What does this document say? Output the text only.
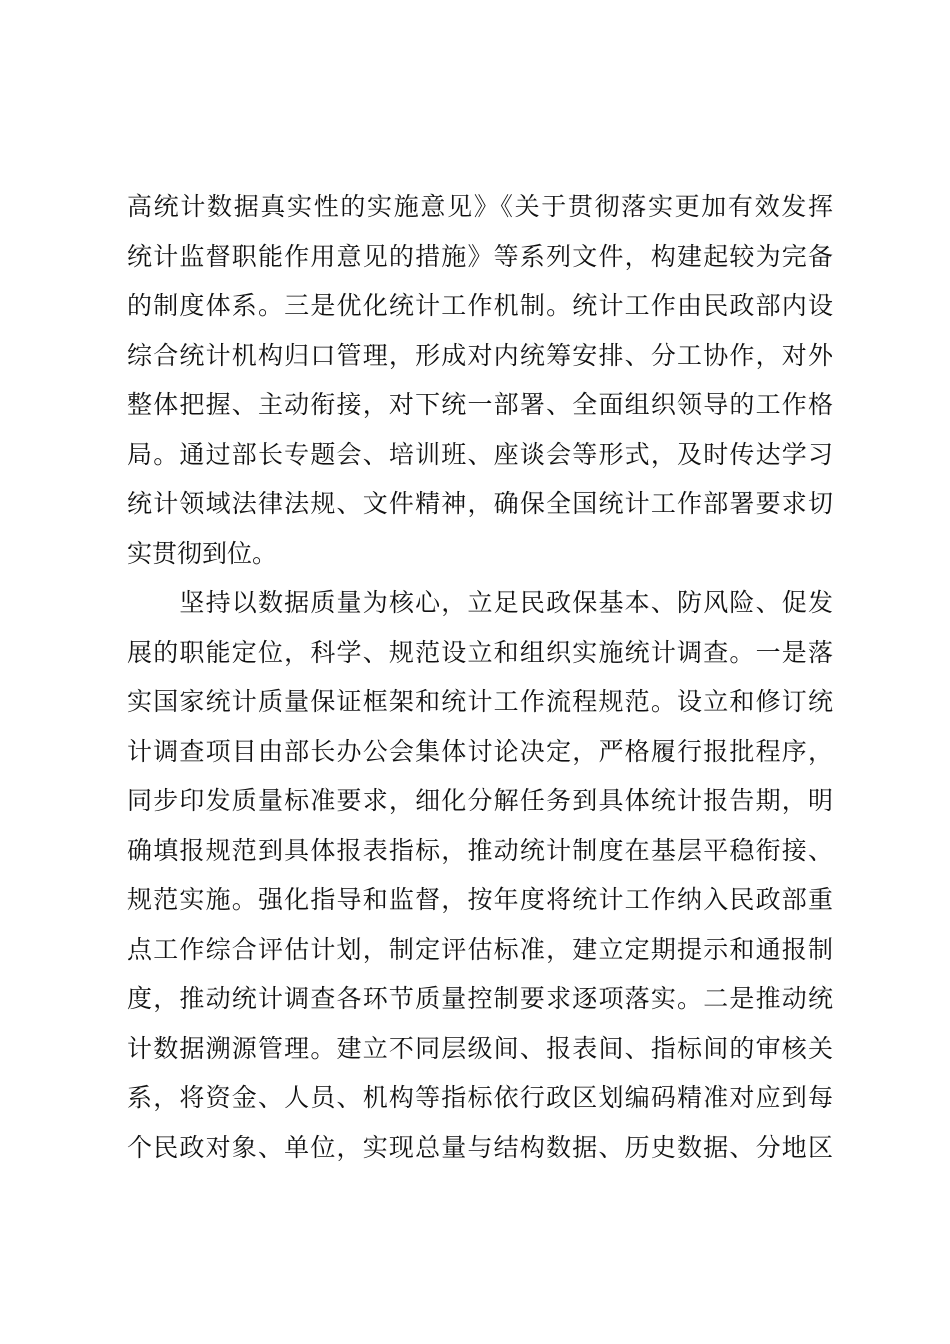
高统计数据真实性的实施意见》《关于贯彻落实更加有效发挥
统计监督职能作用意见的措施》等系列文件，构建起较为完备
的制度体系。三是优化统计工作机制。统计工作由民政部内设
综合统计机构归口管理，形成对内统筹安排、分工协作，对外
整体把握、主动衔接，对下统一部署、全面组织领导的工作格
局。通过部长专题会、培训班、座谈会等形式，及时传达学习
统计领域法律法规、文件精神，确保全国统计工作部署要求切
实贯彻到位。
　　坚持以数据质量为核心，立足民政保基本、防风险、促发
展的职能定位，科学、规范设立和组织实施统计调查。一是落
实国家统计质量保证框架和统计工作流程规范。设立和修订统
计调查项目由部长办公会集体讨论决定，严格履行报批程序，
同步印发质量标准要求，细化分解任务到具体统计报告期，明
确填报规范到具体报表指标，推动统计制度在基层平稳衔接、
规范实施。强化指导和监督，按年度将统计工作纳入民政部重
点工作综合评估计划，制定评估标准，建立定期提示和通报制
度，推动统计调查各环节质量控制要求逐项落实。二是推动统
计数据溯源管理。建立不同层级间、报表间、指标间的审核关
系，将资金、人员、机构等指标依行政区划编码精准对应到每
个民政对象、单位，实现总量与结构数据、历史数据、分地区
